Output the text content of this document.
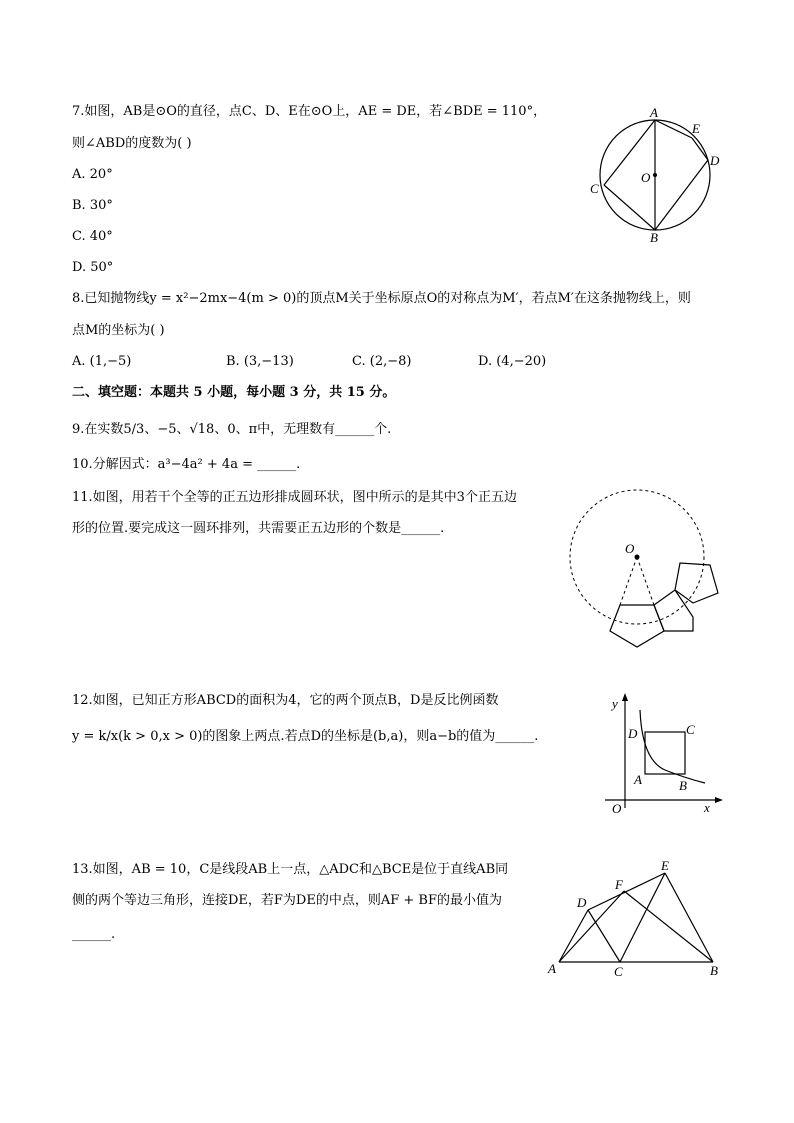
7.如图，AB是⊙O的直径，点C、D、E在⊙O上，AE = DE，若∠BDE = 110°，
则∠ABD的度数为( )
A. 20°
B. 30°
C. 40°
D. 50°
A
E
D
C
O
B
8.已知抛物线y = x²−2mx−4(m > 0)的顶点M关于坐标原点O的对称点为M′，若点M′在这条抛物线上，则
点M的坐标为( )
A. (1,−5)	B. (3,−13)	C. (2,−8)	D. (4,−20)
二、填空题：本题共 5 小题，每小题 3 分，共 15 分。
9.在实数5/3、−5、√18、0、π中，无理数有______个.
10.分解因式：a³−4a² + 4a = ______.
11.如图，用若干个全等的正五边形排成圆环状，图中所示的是其中3个正五边
形的位置.要完成这一圆环排列，共需要正五边形的个数是______.
O
12.如图，已知正方形ABCD的面积为4，它的两个顶点B，D是反比例函数
y = k/x(k > 0,x > 0)的图象上两点.若点D的坐标是(b,a)，则a−b的值为______.
y
x
O
A	B
C
D
13.如图，AB = 10，C是线段AB上一点，△ADC和△BCE是位于直线AB同
侧的两个等边三角形，连接DE，若F为DE的中点，则AF + BF的最小值为
______.
A	B
C
D
E
F
